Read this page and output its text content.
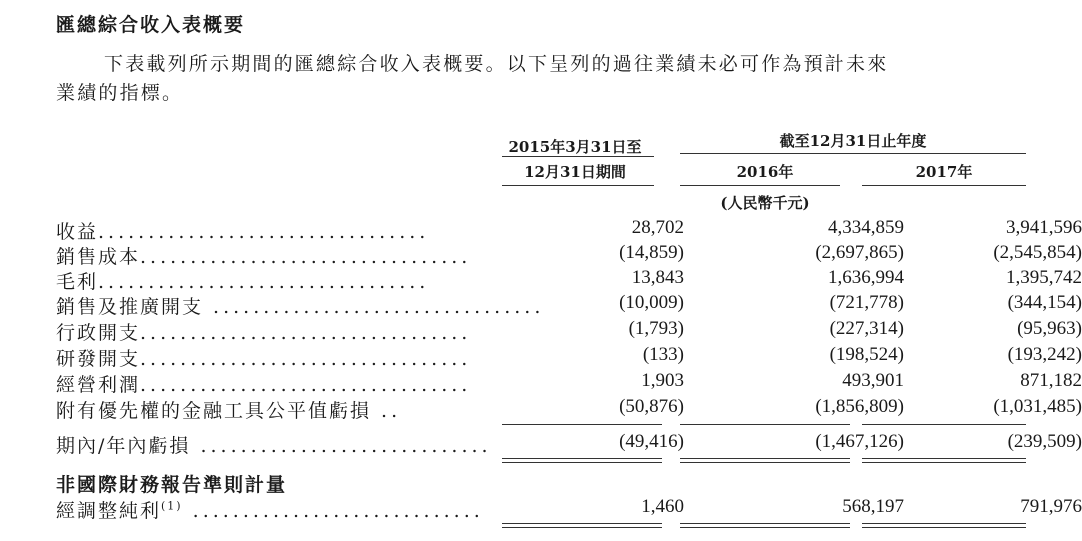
匯總綜合收入表概要
下表載列所示期間的匯總綜合收入表概要。以下呈列的過往業績未必可作為預計未來
業績的指標。
2015年3月31日至
12月31日期間
截至12月31日止年度
2016年	2017年
(人民幣千元)
收益.................................	28,702	4,334,859	3,941,596
銷售成本.................................	(14,859)	(2,697,865)	(2,545,854)
毛利.................................	13,843	1,636,994	1,395,742
銷售及推廣開支 .................................	(10,009)	(721,778)	(344,154)
行政開支.................................	(1,793)	(227,314)	(95,963)
研發開支.................................	(133)	(198,524)	(193,242)
經營利潤.................................	1,903	493,901	871,182
附有優先權的金融工具公平值虧損 ..	(50,876)	(1,856,809)	(1,031,485)
期內/年內虧損 .............................	(49,416)	(1,467,126)	(239,509)
非國際財務報告準則計量
經調整純利$^{(1)}$ .............................	1,460	568,197	791,976
